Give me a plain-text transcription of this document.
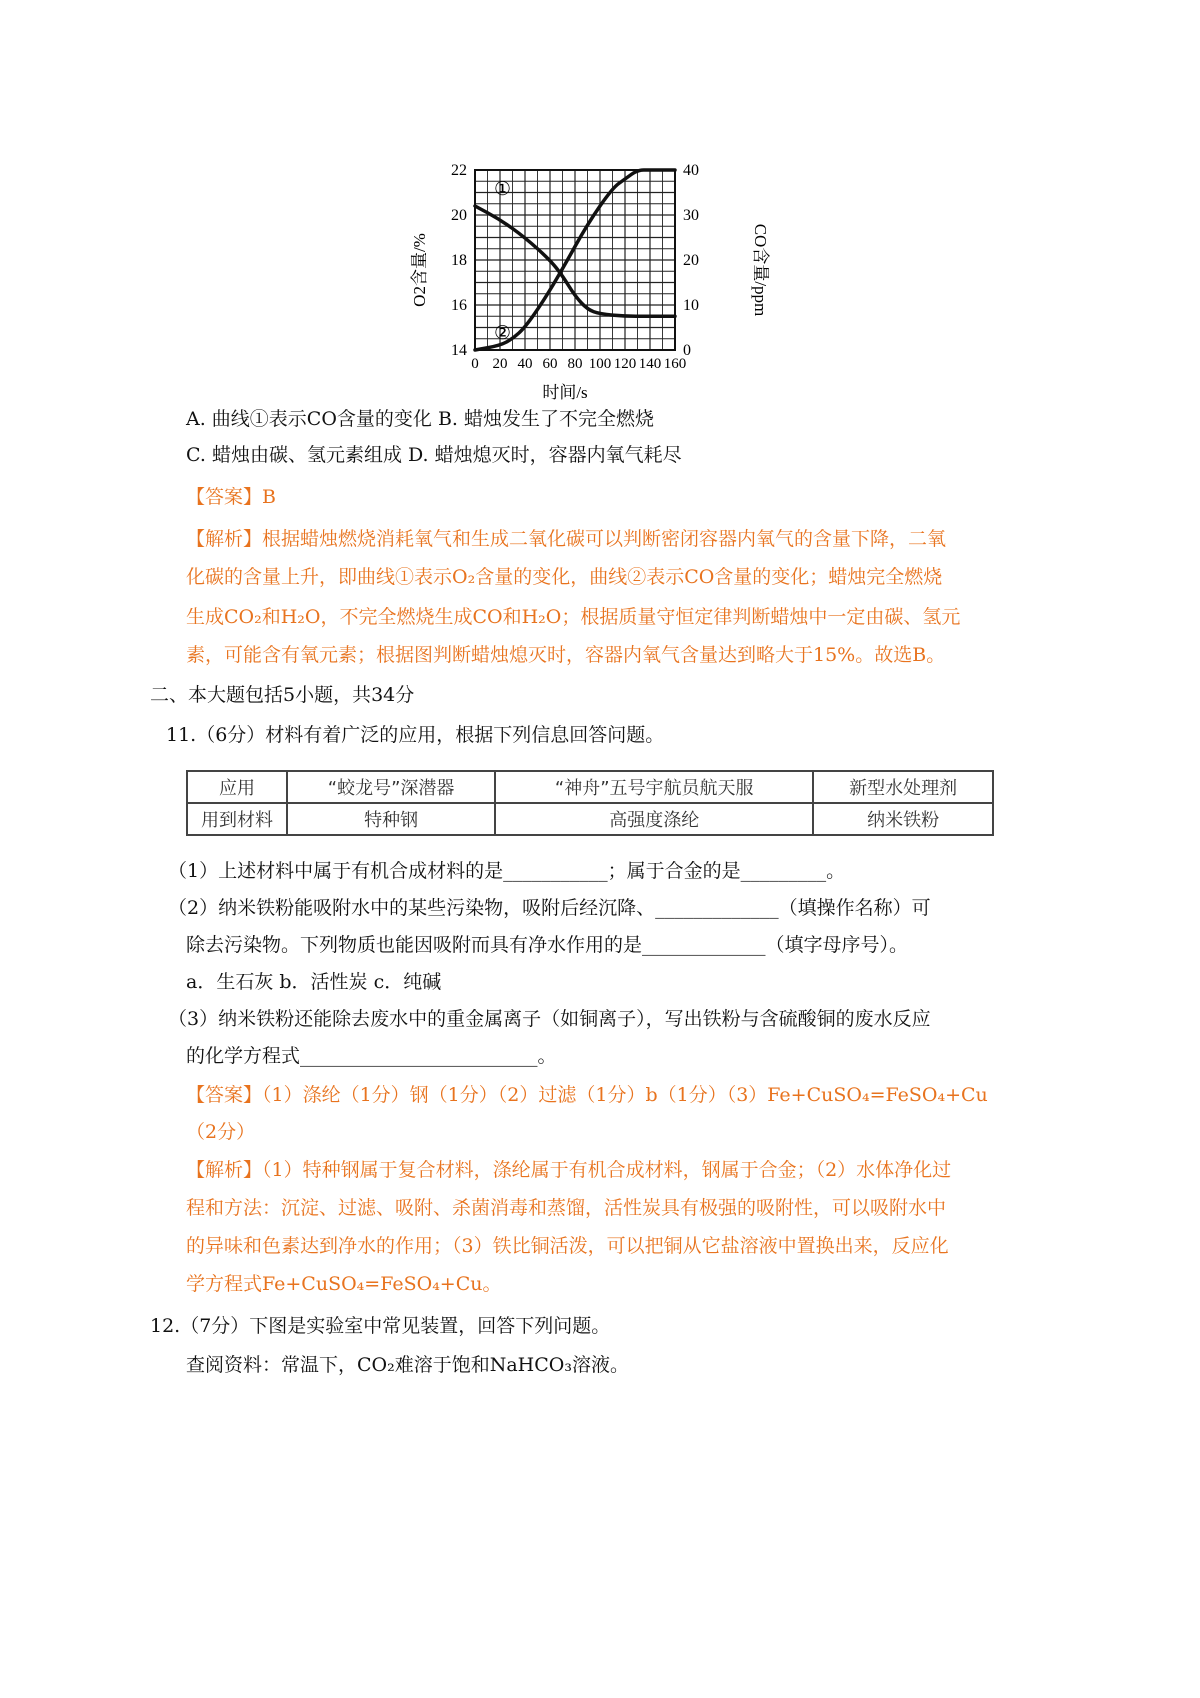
0 20 40 60 80 100 120 140 160
14
16
18
20
22
0
10
20
30
40
①
②
时间/s
O2含量/%	CO含量/ppm
A. 曲线①表示CO含量的变化 B. 蜡烛发生了不完全燃烧
C. 蜡烛由碳、氢元素组成 D. 蜡烛熄灭时，容器内氧气耗尽
【答案】B
【解析】根据蜡烛燃烧消耗氧气和生成二氧化碳可以判断密闭容器内氧气的含量下降，二氧
化碳的含量上升，即曲线①表示O₂含量的变化，曲线②表示CO含量的变化；蜡烛完全燃烧
生成CO₂和H₂O，不完全燃烧生成CO和H₂O；根据质量守恒定律判断蜡烛中一定由碳、氢元
素，可能含有氧元素；根据图判断蜡烛熄灭时，容器内氧气含量达到略大于15%。故选B。
二、本大题包括5小题，共34分
11.（6分）材料有着广泛的应用，根据下列信息回答问题。
应用	“蛟龙号”深潜器	“神舟”五号宇航员航天服	新型水处理剂
用到材料	特种钢	高强度涤纶	纳米铁粉
（1）上述材料中属于有机合成材料的是___________；属于合金的是_________。
（2）纳米铁粉能吸附水中的某些污染物，吸附后经沉降、_____________（填操作名称）可
除去污染物。下列物质也能因吸附而具有净水作用的是_____________（填字母序号）。
a．生石灰 b．活性炭 c．纯碱
（3）纳米铁粉还能除去废水中的重金属离子（如铜离子），写出铁粉与含硫酸铜的废水反应
的化学方程式_________________________。
【答案】（1）涤纶（1分）钢（1分）（2）过滤（1分）b（1分）（3）Fe+CuSO₄=FeSO₄+Cu
（2分）
【解析】（1）特种钢属于复合材料，涤纶属于有机合成材料，钢属于合金；（2）水体净化过
程和方法：沉淀、过滤、吸附、杀菌消毒和蒸馏，活性炭具有极强的吸附性，可以吸附水中
的异味和色素达到净水的作用；（3）铁比铜活泼，可以把铜从它盐溶液中置换出来，反应化
学方程式Fe+CuSO₄=FeSO₄+Cu。
12.（7分）下图是实验室中常见装置，回答下列问题。
查阅资料：常温下，CO₂难溶于饱和NaHCO₃溶液。
